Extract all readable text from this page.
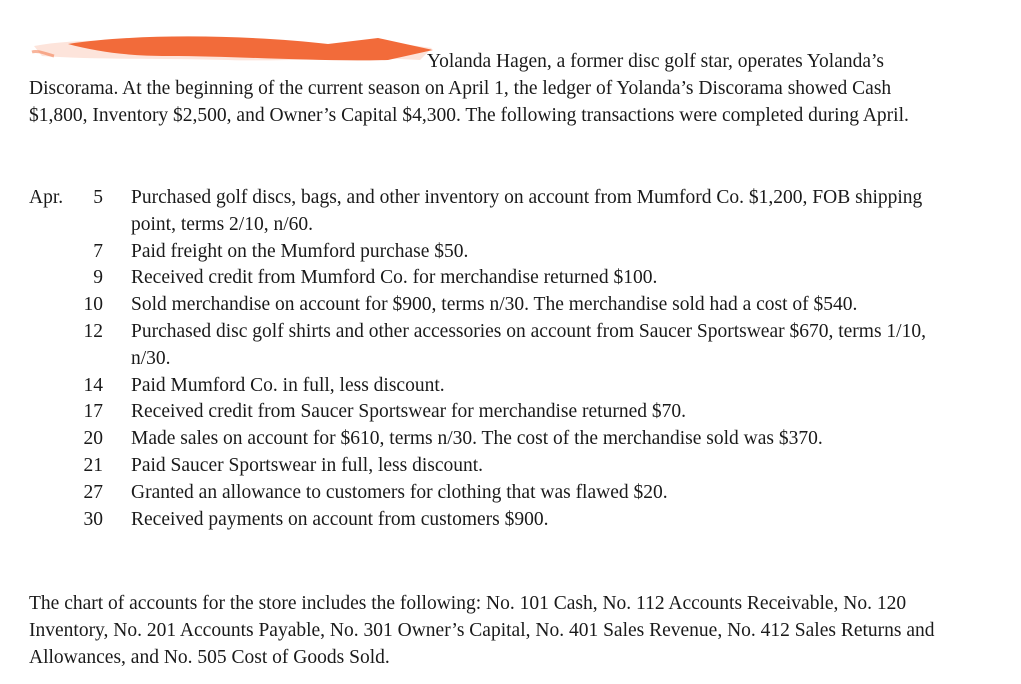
Yolanda Hagen, a former disc golf star, operates Yolanda’s
Discorama. At the beginning of the current season on April 1, the ledger of Yolanda’s Discorama showed Cash $1,800, Inventory $2,500, and Owner’s Capital $4,300. The following transactions were completed during April.

Apr.	5	Purchased golf discs, bags, and other inventory on account from Mumford Co. $1,200, FOB shipping point, terms 2/10, n/60.
7	Paid freight on the Mumford purchase $50.
9	Received credit from Mumford Co. for merchandise returned $100.
10	Sold merchandise on account for $900, terms n/30. The merchandise sold had a cost of $540.
12	Purchased disc golf shirts and other accessories on account from Saucer Sportswear $670, terms 1/10, n/30.
14	Paid Mumford Co. in full, less discount.
17	Received credit from Saucer Sportswear for merchandise returned $70.
20	Made sales on account for $610, terms n/30. The cost of the merchandise sold was $370.
21	Paid Saucer Sportswear in full, less discount.
27	Granted an allowance to customers for clothing that was flawed $20.
30	Received payments on account from customers $900.

The chart of accounts for the store includes the following: No. 101 Cash, No. 112 Accounts Receivable, No. 120 Inventory, No. 201 Accounts Payable, No. 301 Owner’s Capital, No. 401 Sales Revenue, No. 412 Sales Returns and Allowances, and No. 505 Cost of Goods Sold.
